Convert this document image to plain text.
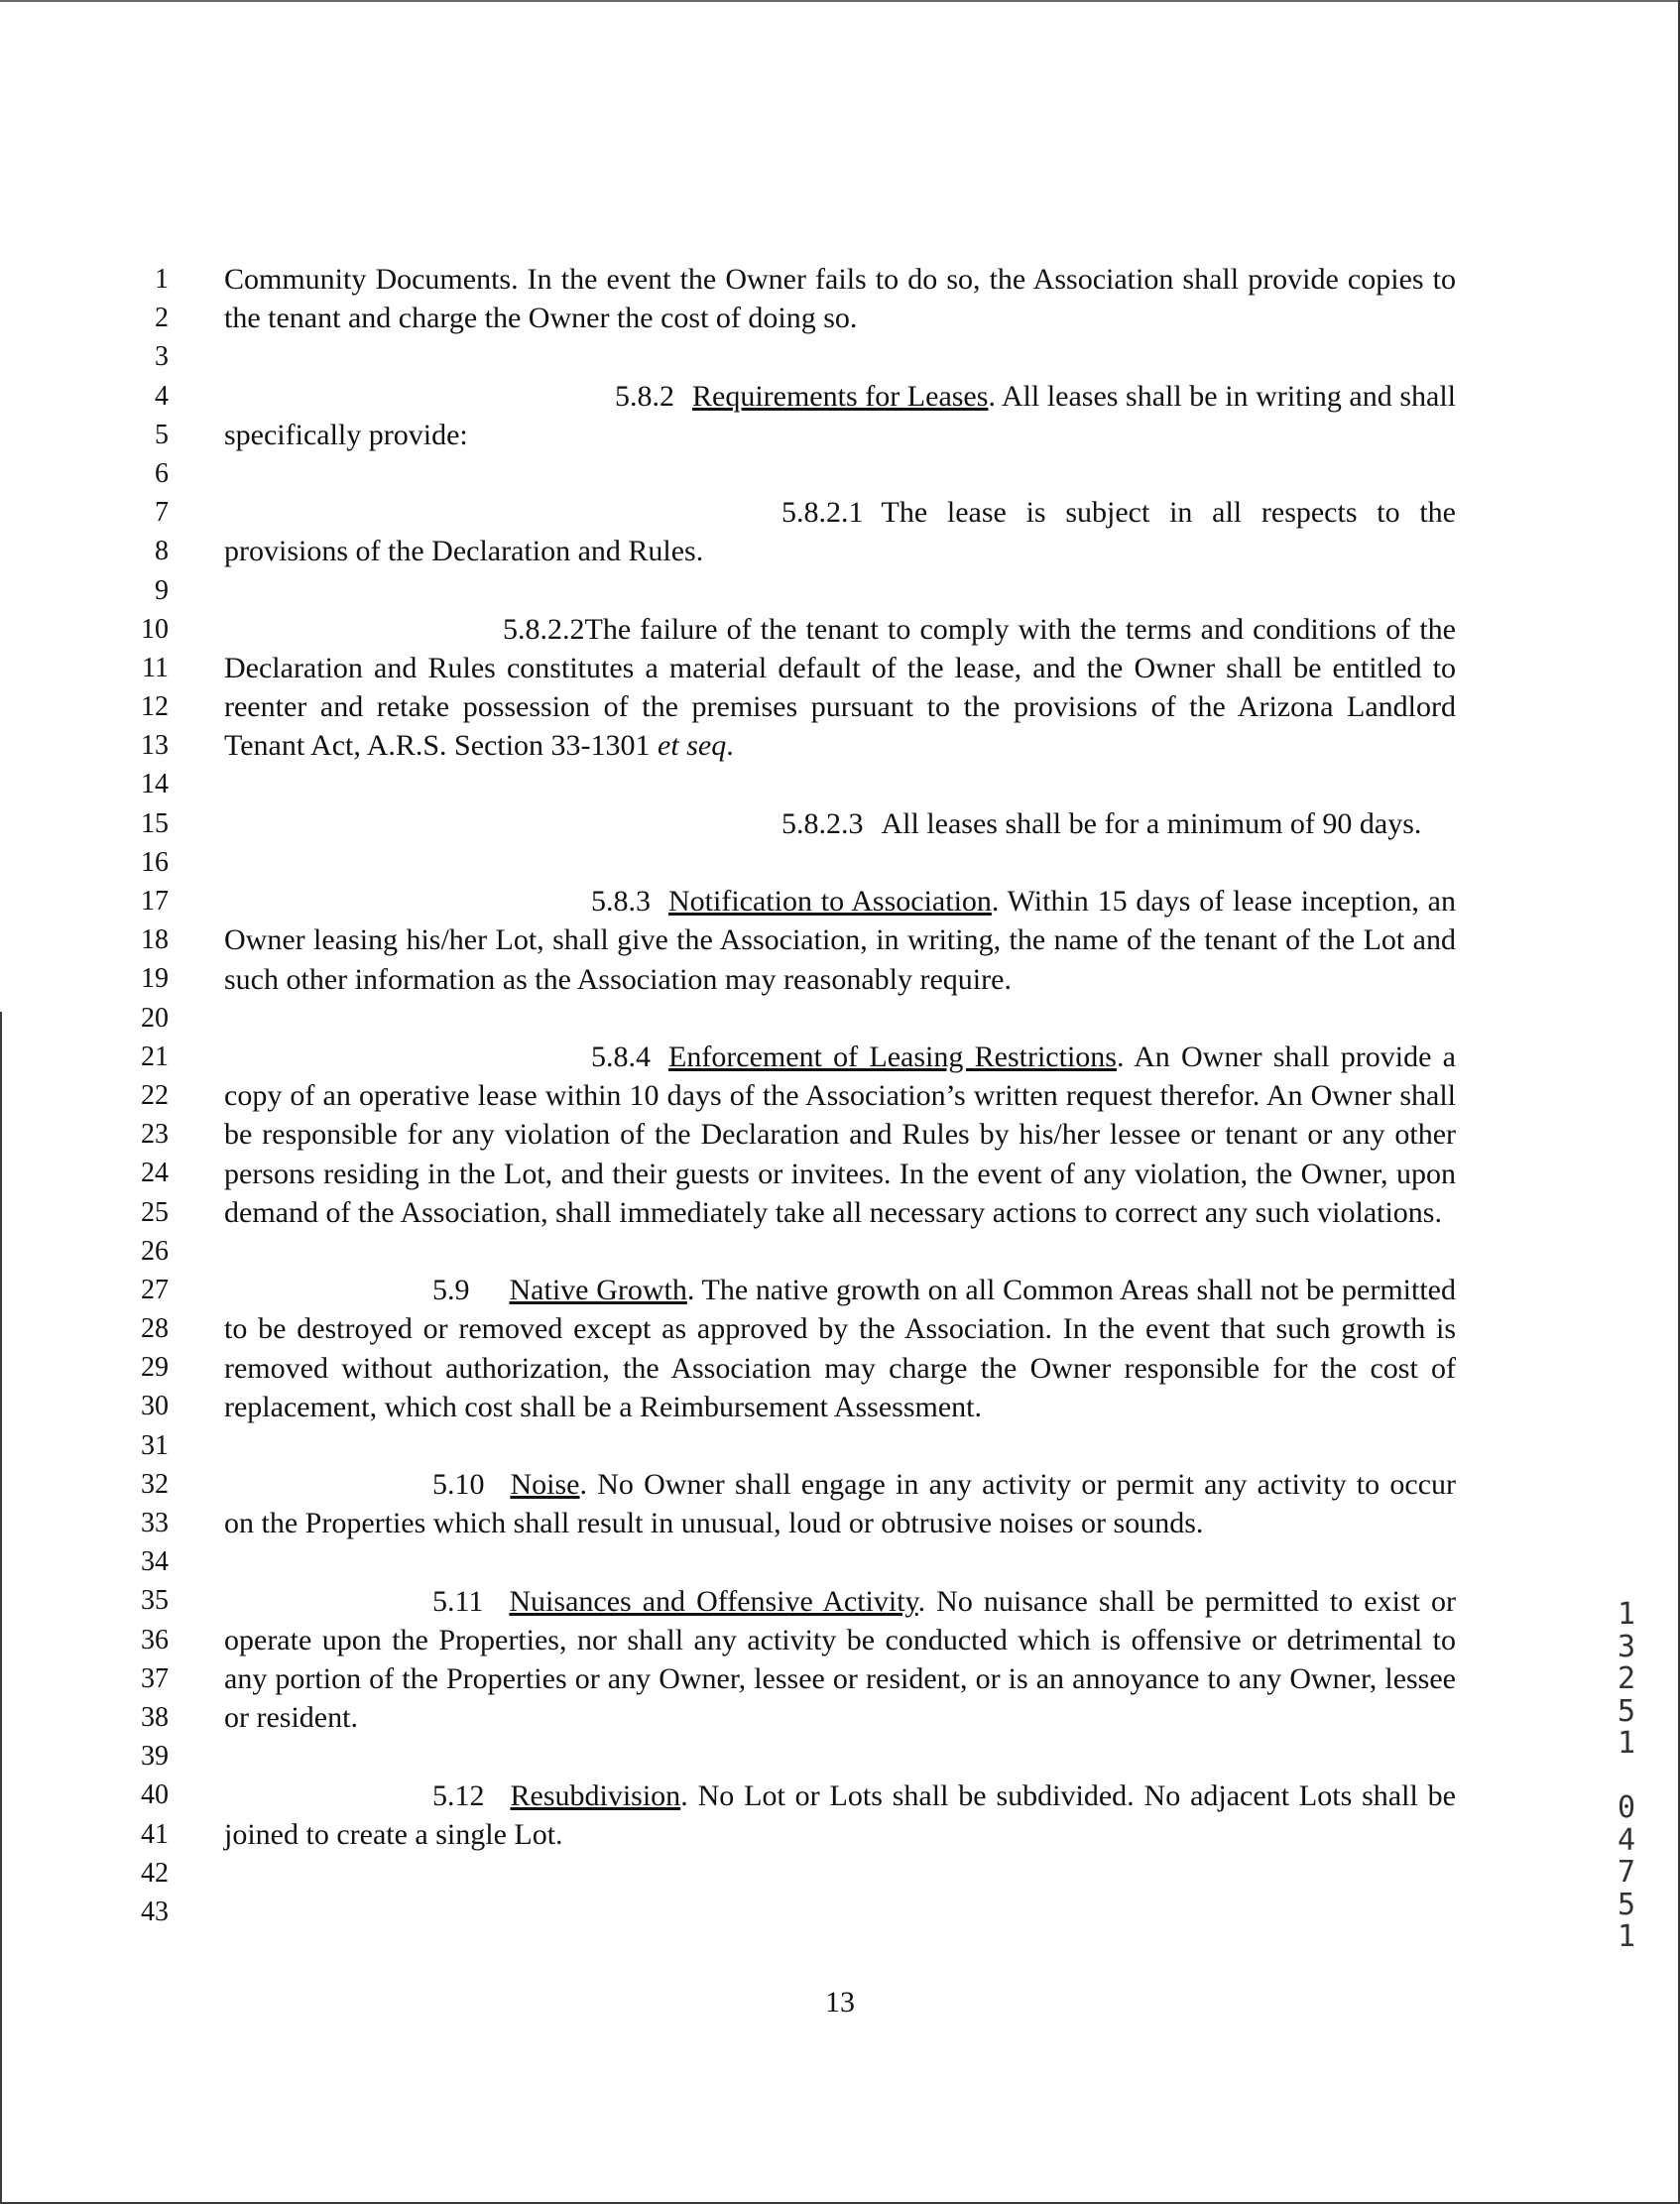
1
2
3
4
5
6
7
8
9
10
11
12
13
14
15
16
17
18
19
20
21
22
23
24
25
26
27
28
29
30
31
32
33
34
35
36
37
38
39
40
41
42
43
Community Documents. In the event the Owner fails to do so, the Association shall provide copies to the tenant and charge the Owner the cost of doing so.
5.8.2 Requirements for Leases. All leases shall be in writing and shall specifically provide:
5.8.2.1 The lease is subject in all respects to the provisions of the Declaration and Rules.
5.8.2.2The failure of the tenant to comply with the terms and conditions of the Declaration and Rules constitutes a material default of the lease, and the Owner shall be entitled to reenter and retake possession of the premises pursuant to the provisions of the Arizona Landlord Tenant Act, A.R.S. Section 33-1301 et seq.
5.8.2.3 All leases shall be for a minimum of 90 days.
5.8.3 Notification to Association. Within 15 days of lease inception, an Owner leasing his/her Lot, shall give the Association, in writing, the name of the tenant of the Lot and such other information as the Association may reasonably require.
5.8.4 Enforcement of Leasing Restrictions. An Owner shall provide a copy of an operative lease within 10 days of the Association’s written request therefor. An Owner shall be responsible for any violation of the Declaration and Rules by his/her lessee or tenant or any other persons residing in the Lot, and their guests or invitees. In the event of any violation, the Owner, upon demand of the Association, shall immediately take all necessary actions to correct any such violations.
5.9 Native Growth. The native growth on all Common Areas shall not be permitted to be destroyed or removed except as approved by the Association. In the event that such growth is removed without authorization, the Association may charge the Owner responsible for the cost of replacement, which cost shall be a Reimbursement Assessment.
5.10 Noise. No Owner shall engage in any activity or permit any activity to occur on the Properties which shall result in unusual, loud or obtrusive noises or sounds.
5.11 Nuisances and Offensive Activity. No nuisance shall be permitted to exist or operate upon the Properties, nor shall any activity be conducted which is offensive or detrimental to any portion of the Properties or any Owner, lessee or resident, or is an annoyance to any Owner, lessee or resident.
5.12 Resubdivision. No Lot or Lots shall be subdivided. No adjacent Lots shall be joined to create a single Lot.
13
1
3
2
5
1
0
4
7
5
1
